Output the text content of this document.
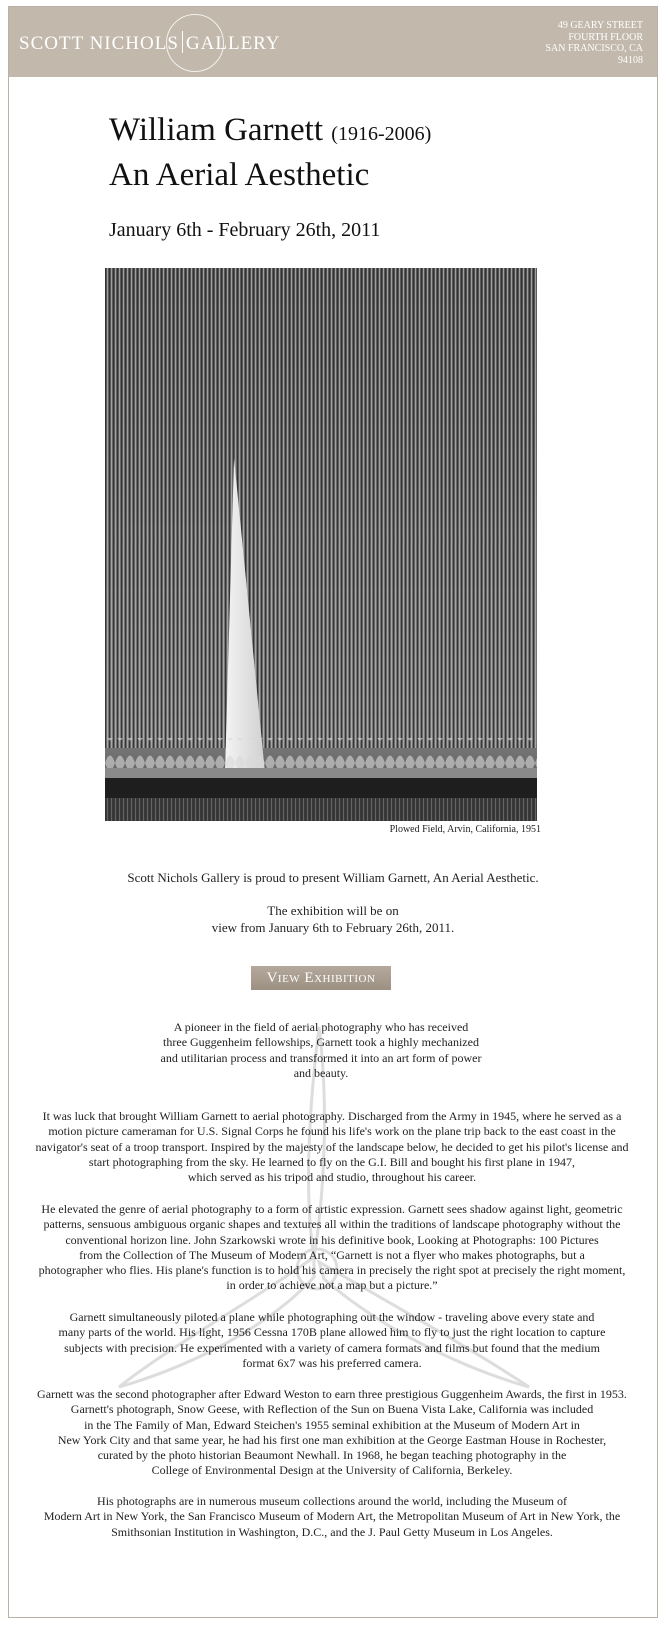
SCOTT NICHOLS GALLERY
49 GEARY STREET
FOURTH FLOOR
SAN FRANCISCO, CA
94108
William Garnett (1916-2006)
An Aerial Aesthetic
January 6th - February 26th, 2011
Plowed Field, Arvin, California, 1951
Scott Nichols Gallery is proud to present William Garnett, An Aerial Aesthetic.
The exhibition will be on
view from January 6th to February 26th, 2011.
View Exhibition
A pioneer in the field of aerial photography who has received
three Guggenheim fellowships, Garnett took a highly mechanized
and utilitarian process and transformed it into an art form of power
and beauty.
It was luck that brought William Garnett to aerial photography. Discharged from the Army in 1945, where he served as a
motion picture cameraman for U.S. Signal Corps he found his life's work on the plane trip back to the east coast in the
navigator's seat of a troop transport. Inspired by the majesty of the landscape below, he decided to get his pilot's license and
start photographing from the sky. He learned to fly on the G.I. Bill and bought his first plane in 1947,
which served as his tripod and studio, throughout his career.
He elevated the genre of aerial photography to a form of artistic expression. Garnett sees shadow against light, geometric
patterns, sensuous ambiguous organic shapes and textures all within the traditions of landscape photography without the
conventional horizon line. John Szarkowski wrote in his definitive book, Looking at Photographs: 100 Pictures
from the Collection of The Museum of Modern Art, “Garnett is not a flyer who makes photographs, but a
photographer who flies. His plane's function is to hold his camera in precisely the right spot at precisely the right moment,
in order to achieve not a map but a picture.”
Garnett simultaneously piloted a plane while photographing out the window - traveling above every state and
many parts of the world. His light, 1956 Cessna 170B plane allowed him to fly to just the right location to capture
subjects with precision. He experimented with a variety of camera formats and films but found that the medium
format 6x7 was his preferred camera.
Garnett was the second photographer after Edward Weston to earn three prestigious Guggenheim Awards, the first in 1953.
Garnett's photograph, Snow Geese, with Reflection of the Sun on Buena Vista Lake, California was included
in the The Family of Man, Edward Steichen's 1955 seminal exhibition at the Museum of Modern Art in
New York City and that same year, he had his first one man exhibition at the George Eastman House in Rochester,
curated by the photo historian Beaumont Newhall. In 1968, he began teaching photography in the
College of Environmental Design at the University of California, Berkeley.
His photographs are in numerous museum collections around the world, including the Museum of
Modern Art in New York, the San Francisco Museum of Modern Art, the Metropolitan Museum of Art in New York, the
Smithsonian Institution in Washington, D.C., and the J. Paul Getty Museum in Los Angeles.
